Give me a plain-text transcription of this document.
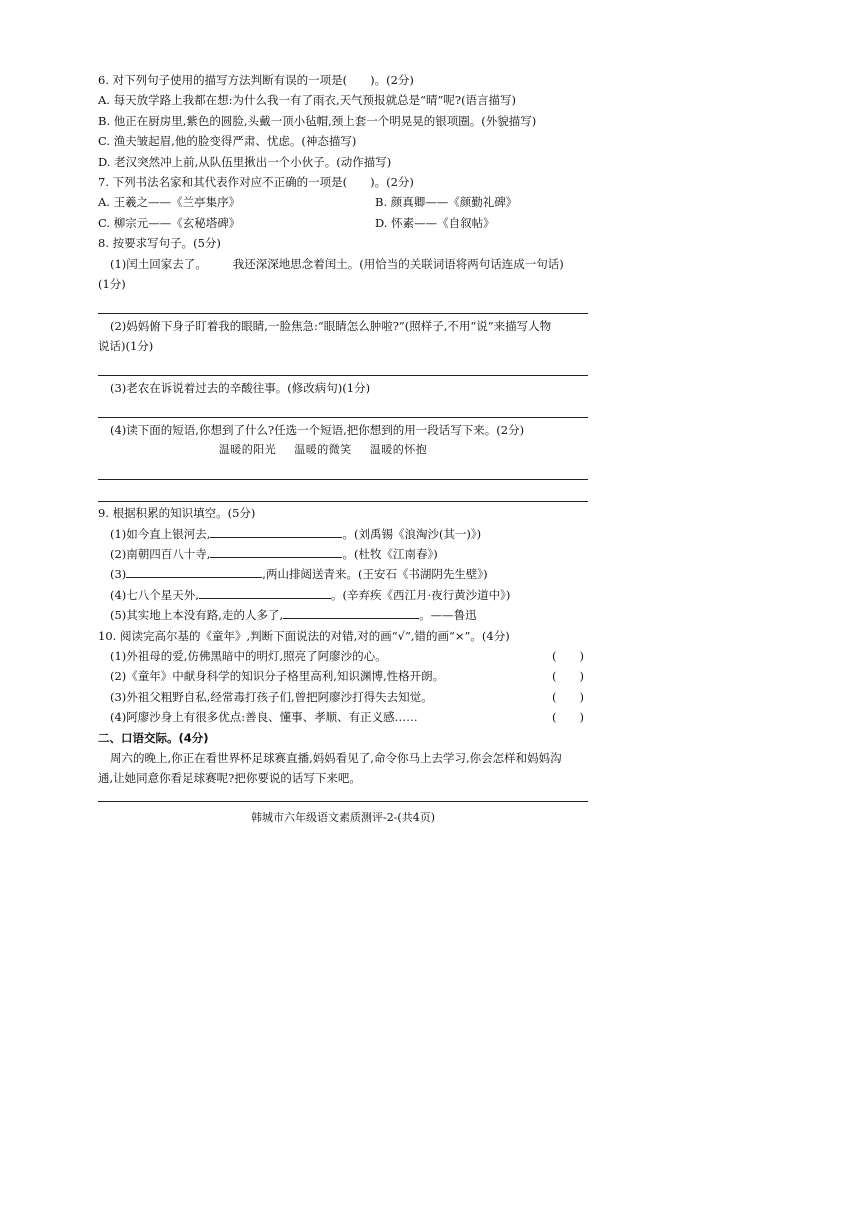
6. 对下列句子使用的描写方法判断有误的一项是(　　)。(2分)
A. 每天放学路上我都在想:为什么我一有了雨衣,天气预报就总是“晴”呢?(语言描写)
B. 他正在厨房里,紫色的圆脸,头戴一顶小毡帽,颈上套一个明晃晃的银项圈。(外貌描写)
C. 渔夫皱起眉,他的脸变得严肃、忧虑。(神态描写)
D. 老汉突然冲上前,从队伍里揪出一个小伙子。(动作描写)
7. 下列书法名家和其代表作对应不正确的一项是(　　)。(2分)
A. 王羲之——《兰亭集序》	B. 颜真卿——《颜勤礼碑》
C. 柳宗元——《玄秘塔碑》	D. 怀素——《自叙帖》
8. 按要求写句子。(5分)
(1)闰土回家去了。 我还深深地思念着闰土。(用恰当的关联词语将两句话连成一句话)
(1分)
(2)妈妈俯下身子盯着我的眼睛,一脸焦急:“眼睛怎么肿啦?”(照样子,不用“说”来描写人物
说话)(1分)
(3)老农在诉说着过去的辛酸往事。(修改病句)(1分)
(4)读下面的短语,你想到了什么?任选一个短语,把你想到的用一段话写下来。(2分)
温暖的阳光 温暖的微笑 温暖的怀抱
9. 根据积累的知识填空。(5分)
(1)如今直上银河去,	。(刘禹锡《浪淘沙(其一)》)
(2)南朝四百八十寺,	。(杜牧《江南春》)
(3)	,两山排闼送青来。(王安石《书湖阴先生壁》)
(4)七八个星天外,	。(辛弃疾《西江月·夜行黄沙道中》)
(5)其实地上本没有路,走的人多了,	。——鲁迅
10. 阅读完高尔基的《童年》,判断下面说法的对错,对的画“√”,错的画“×”。(4分)
(1)外祖母的爱,仿佛黑暗中的明灯,照亮了阿廖沙的心。	(　　)
(2)《童年》中献身科学的知识分子格里高利,知识渊博,性格开朗。	(　　)
(3)外祖父粗野自私,经常毒打孩子们,曾把阿廖沙打得失去知觉。	(　　)
(4)阿廖沙身上有很多优点:善良、懂事、孝顺、有正义感……	(　　)
二、口语交际。(4分)
周六的晚上,你正在看世界杯足球赛直播,妈妈看见了,命令你马上去学习,你会怎样和妈妈沟
通,让她同意你看足球赛呢?把你要说的话写下来吧。
韩城市六年级语文素质测评-2-(共4页)
